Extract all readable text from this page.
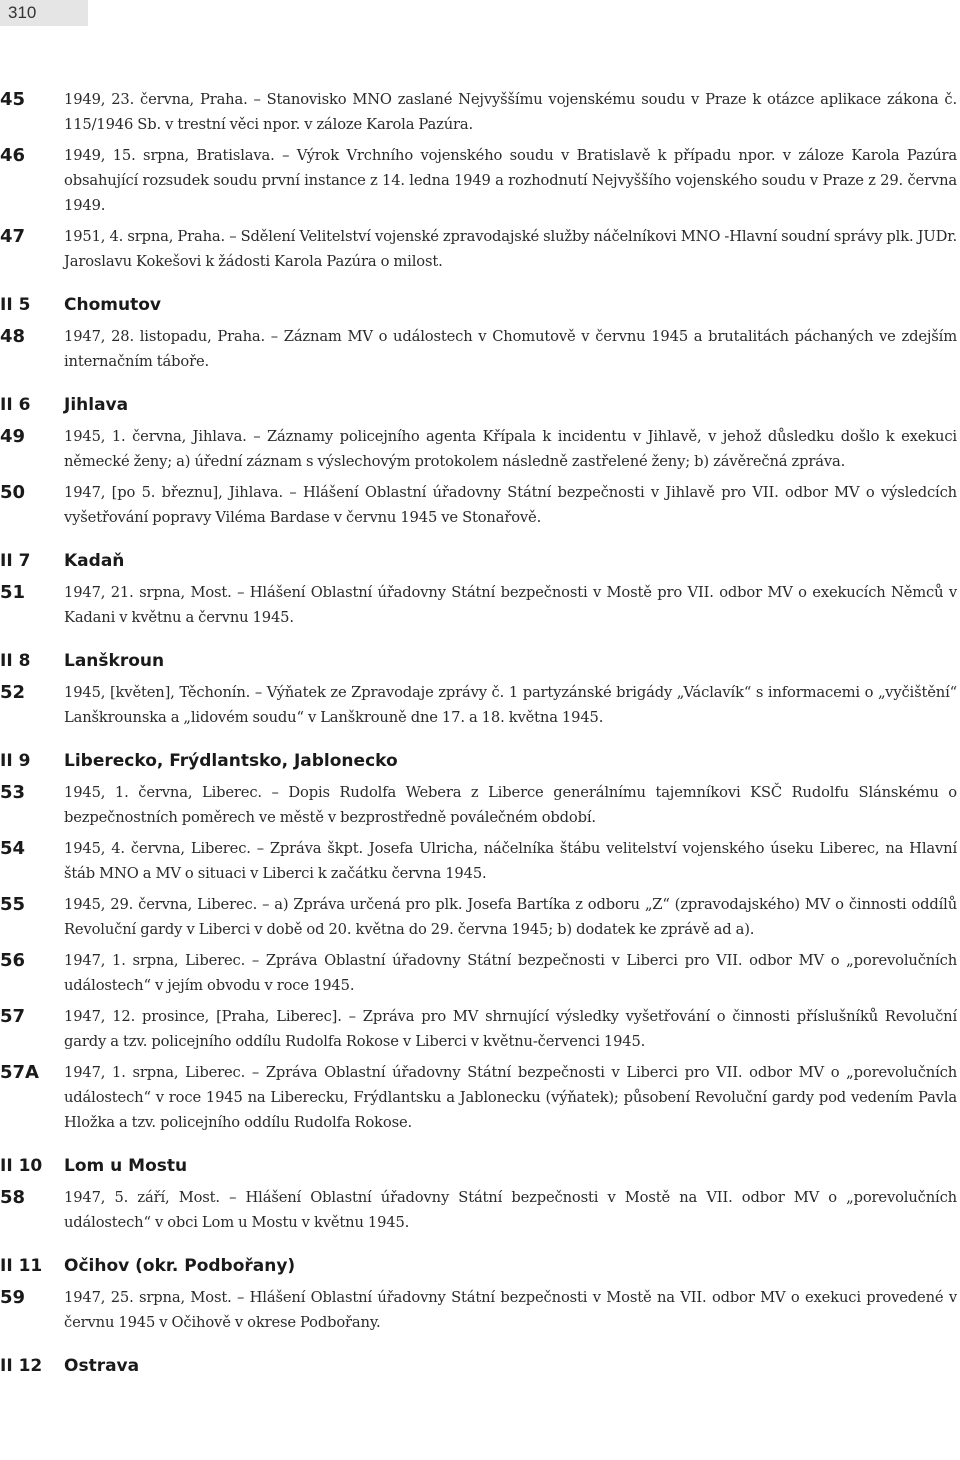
310
45	1949, 23. června, Praha. – Stanovisko MNO zaslané Nejvyššímu vojenskému soudu v Praze k otázce aplikace zákona č. 115/1946 Sb. v trestní věci npor. v záloze Karola Pazúra.
46	1949, 15. srpna, Bratislava. – Výrok Vrchního vojenského soudu v Bratislavě k případu npor. v záloze Karola Pazúra obsahující rozsudek soudu první instance z 14. ledna 1949 a rozhodnutí Nejvyššího vojenského soudu v Praze z 29. června 1949.
47	1951, 4. srpna, Praha. – Sdělení Velitelství vojenské zpravodajské služby náčelníkovi MNO -Hlavní soudní správy plk. JUDr. Jaroslavu Kokešovi k žádosti Karola Pazúra o milost.
II 5	Chomutov
48	1947, 28. listopadu, Praha. – Záznam MV o událostech v Chomutově v červnu 1945 a brutalitách páchaných ve zdejším internačním táboře.
II 6	Jihlava
49	1945, 1. června, Jihlava. – Záznamy policejního agenta Křípala k incidentu v Jihlavě, v jehož důsledku došlo k exekuci německé ženy; a) úřední záznam s výslechovým protokolem následně zastřelené ženy; b) závěrečná zpráva.
50	1947, [po 5. březnu], Jihlava. – Hlášení Oblastní úřadovny Státní bezpečnosti v Jihlavě pro VII. odbor MV o výsledcích vyšetřování popravy Viléma Bardase v červnu 1945 ve Stonařově.
II 7	Kadaň
51	1947, 21. srpna, Most. – Hlášení Oblastní úřadovny Státní bezpečnosti v Mostě pro VII. odbor MV o exekucích Němců v Kadani v květnu a červnu 1945.
II 8	Lanškroun
52	1945, [květen], Těchonín. – Výňatek ze Zpravodaje zprávy č. 1 partyzánské brigády „Václavík“ s informacemi o „vyčištění“ Lanškrounska a „lidovém soudu“ v Lanškrouně dne 17. a 18. května 1945.
II 9	Liberecko, Frýdlantsko, Jablonecko
53	1945, 1. června, Liberec. – Dopis Rudolfa Webera z Liberce generálnímu tajemníkovi KSČ Rudolfu Slánskému o bezpečnostních poměrech ve městě v bezprostředně poválečném období.
54	1945, 4. června, Liberec. – Zpráva škpt. Josefa Ulricha, náčelníka štábu velitelství vojenského úseku Liberec, na Hlavní štáb MNO a MV o situaci v Liberci k začátku června 1945.
55	1945, 29. června, Liberec. – a) Zpráva určená pro plk. Josefa Bartíka z odboru „Z“ (zpravodajského) MV o činnosti oddílů Revoluční gardy v Liberci v době od 20. května do 29. června 1945; b) dodatek ke zprávě ad a).
56	1947, 1. srpna, Liberec. – Zpráva Oblastní úřadovny Státní bezpečnosti v Liberci pro VII. odbor MV o „porevolučních událostech“ v jejím obvodu v roce 1945.
57	1947, 12. prosince, [Praha, Liberec]. – Zpráva pro MV shrnující výsledky vyšetřování o činnosti příslušníků Revoluční gardy a tzv. policejního oddílu Rudolfa Rokose v Liberci v květnu-červenci 1945.
57A	1947, 1. srpna, Liberec. – Zpráva Oblastní úřadovny Státní bezpečnosti v Liberci pro VII. odbor MV o „porevolučních událostech“ v roce 1945 na Liberecku, Frýdlantsku a Jablonecku (výňatek); působení Revoluční gardy pod vedením Pavla Hložka a tzv. policejního oddílu Rudolfa Rokose.
II 10	Lom u Mostu
58	1947, 5. září, Most. – Hlášení Oblastní úřadovny Státní bezpečnosti v Mostě na VII. odbor MV o „porevolučních událostech“ v obci Lom u Mostu v květnu 1945.
II 11	Očihov (okr. Podbořany)
59	1947, 25. srpna, Most. – Hlášení Oblastní úřadovny Státní bezpečnosti v Mostě na VII. odbor MV o exekuci provedené v červnu 1945 v Očihově v okrese Podbořany.
II 12	Ostrava
